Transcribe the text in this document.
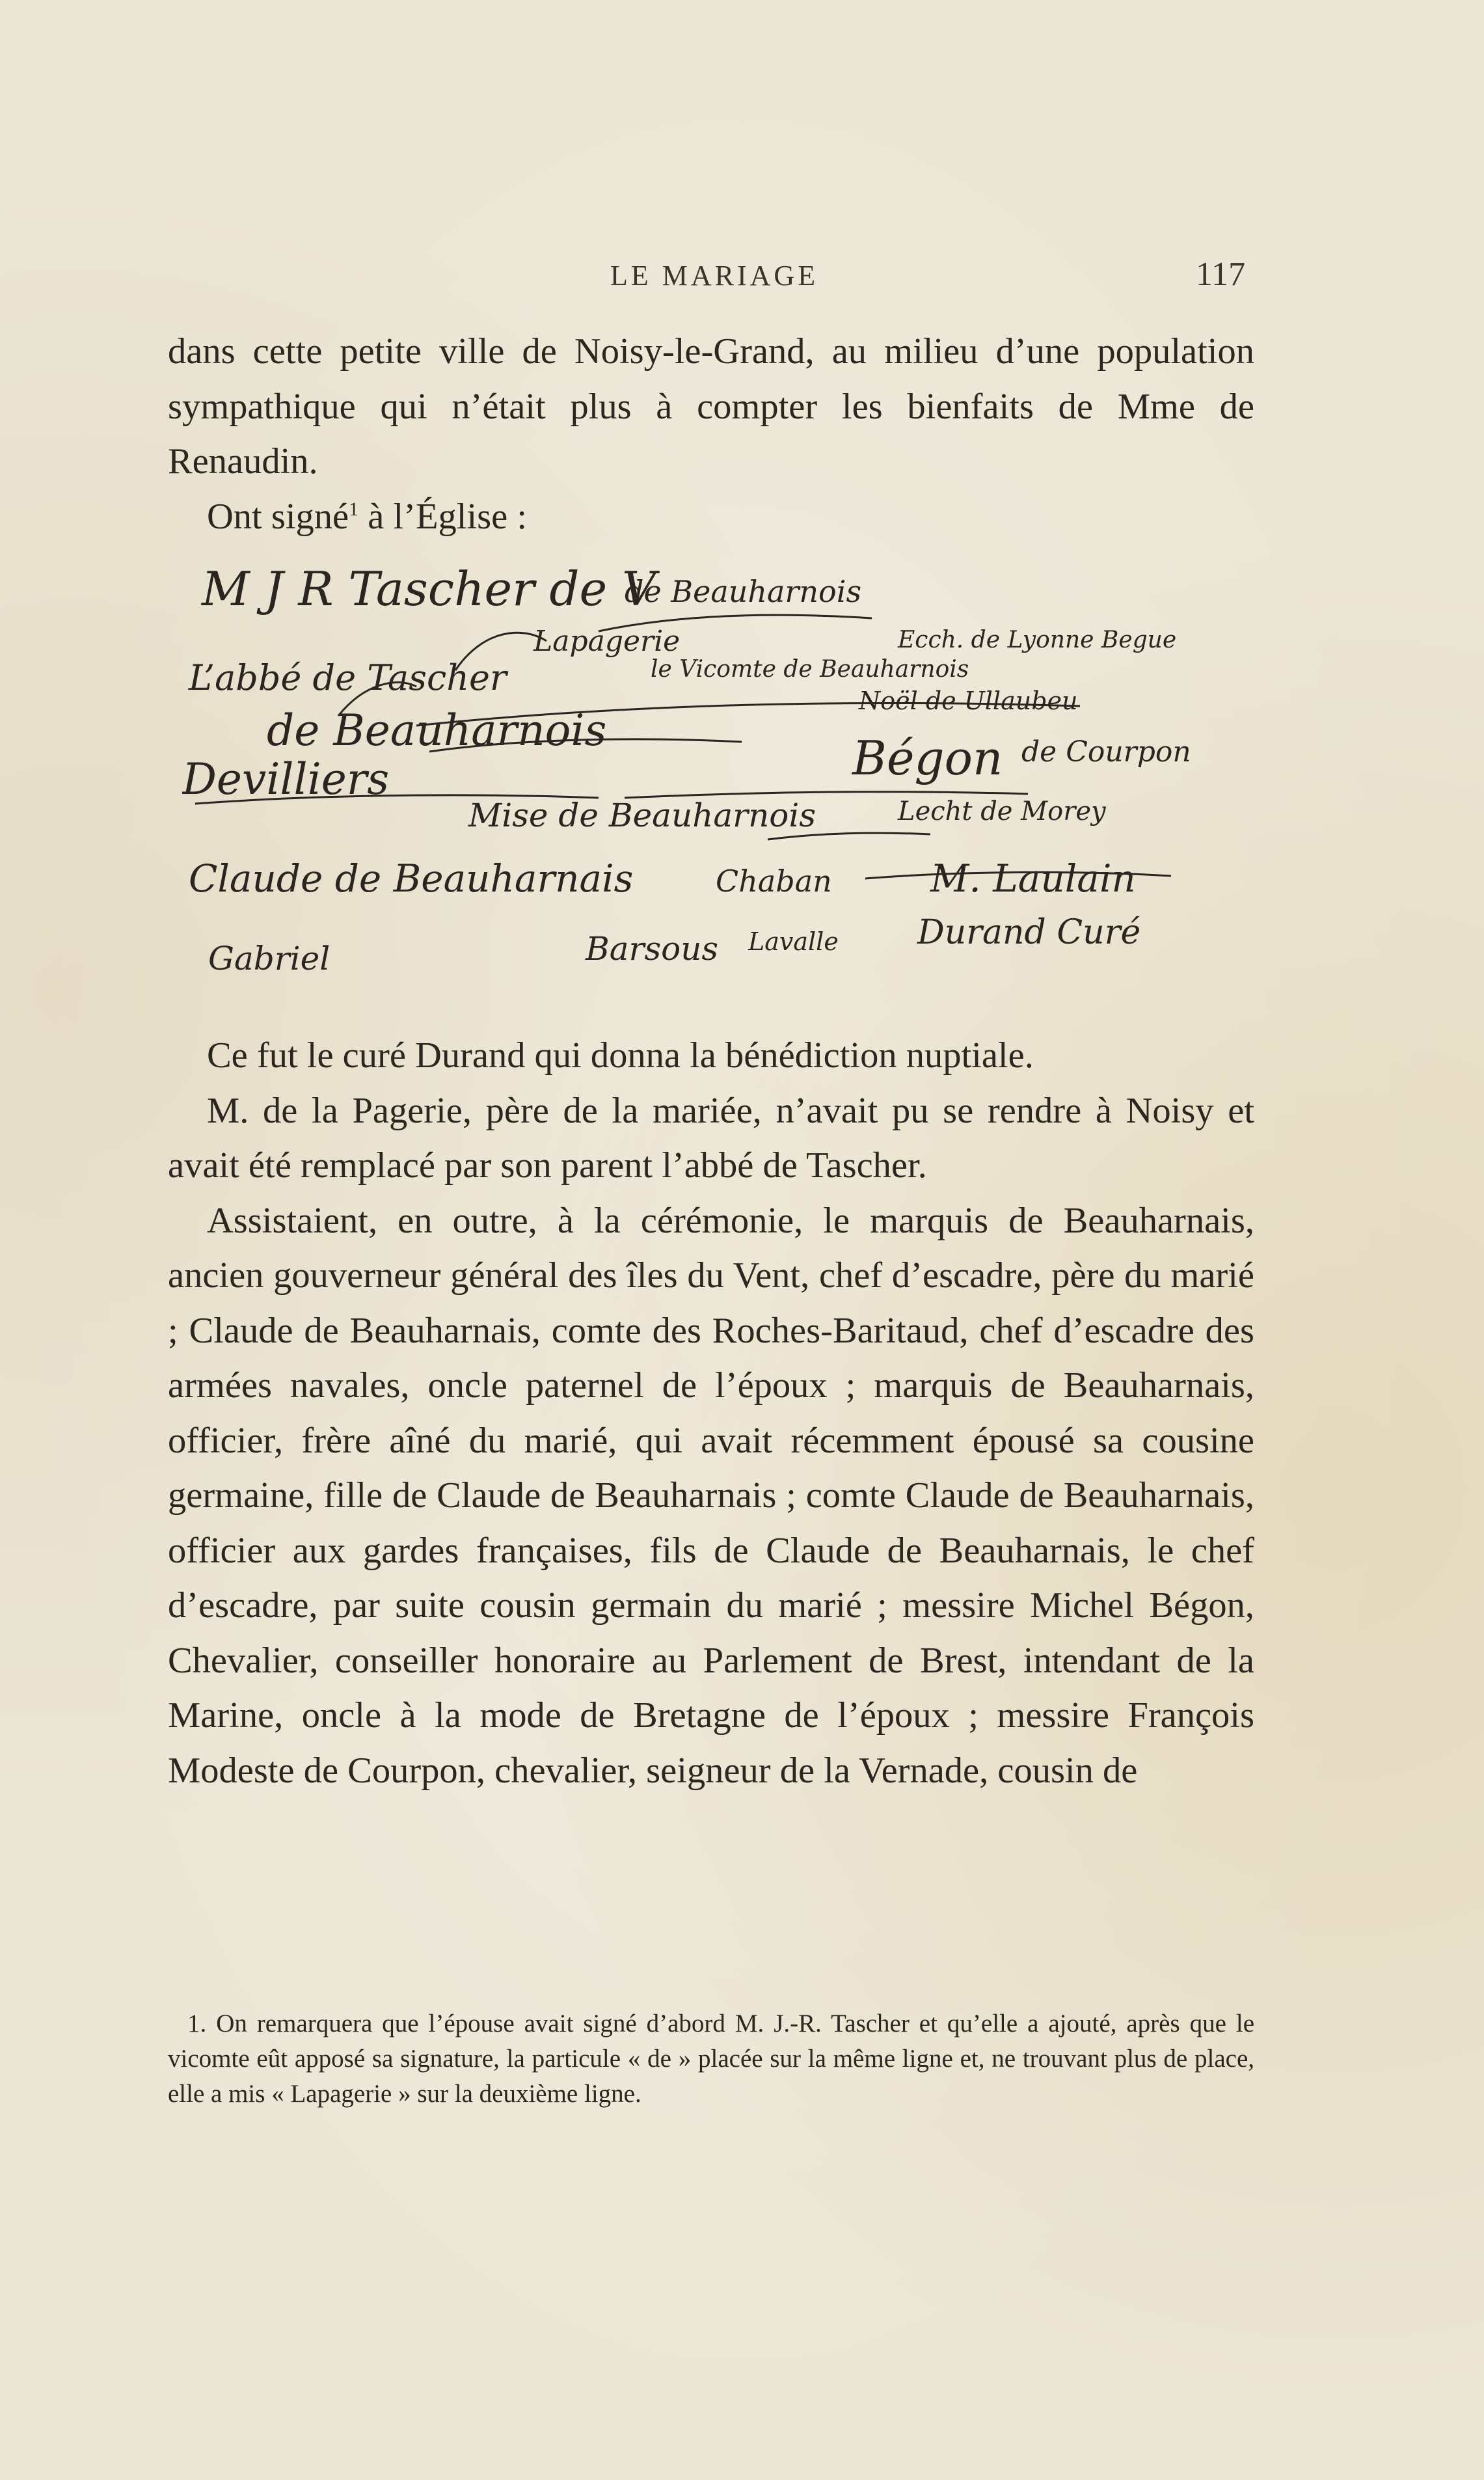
LE MARIAGE	117

dans cette petite ville de Noisy-le-Grand, au milieu d’une population sympathique qui n’était plus à compter les bienfaits de Mme de Renaudin.

Ont signé$^1$ à l’Église :

M J R Tascher de V
de Beauharnois
Lapagerie
L’abbé de Tascher	le Vicomte de Beauharnois
Ecch. de Lyonne Begue
de Beauharnois
Noël de Ullaubeu
Devilliers	Bégon de Courpon
Mise de Beauharnois	Lecht de Morey
Claude de Beauharnais	Chaban	M. Laulain
Gabriel	Barsous Lavalle Durand Curé

Ce fut le curé Durand qui donna la bénédiction nuptiale.

M. de la Pagerie, père de la mariée, n’avait pu se rendre à Noisy et avait été remplacé par son parent l’abbé de Tascher.

Assistaient, en outre, à la cérémonie, le marquis de Beauharnais, ancien gouverneur général des îles du Vent, chef d’escadre, père du marié ; Claude de Beauharnais, comte des Roches-Baritaud, chef d’escadre des armées navales, oncle paternel de l’époux ; marquis de Beauharnais, officier, frère aîné du marié, qui avait récemment épousé sa cousine germaine, fille de Claude de Beauharnais ; comte Claude de Beauharnais, officier aux gardes françaises, fils de Claude de Beauharnais, le chef d’escadre, par suite cousin germain du marié ; messire Michel Bégon, Chevalier, conseiller honoraire au Parlement de Brest, intendant de la Marine, oncle à la mode de Bretagne de l’époux ; messire François Modeste de Courpon, chevalier, seigneur de la Vernade, cousin de

1. On remarquera que l’épouse avait signé d’abord M. J.-R. Tascher et qu’elle a ajouté, après que le vicomte eût apposé sa signature, la particule « de » placée sur la même ligne et, ne trouvant plus de place, elle a mis « Lapagerie » sur la deuxième ligne.
